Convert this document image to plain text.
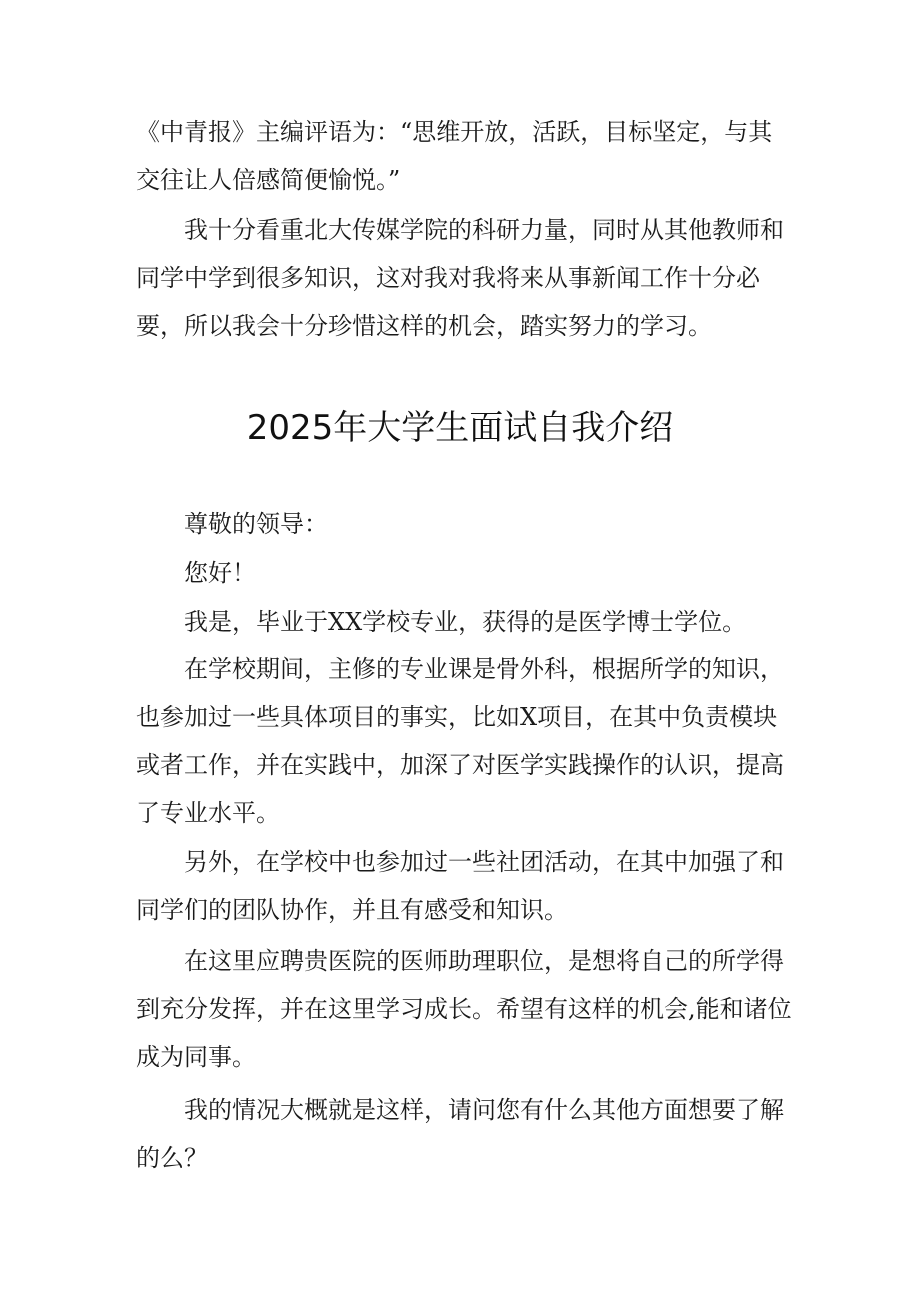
《中青报》主编评语为：“思维开放，活跃，目标坚定，与其交往让人倍感简便愉悦。”

我十分看重北大传媒学院的科研力量，同时从其他教师和同学中学到很多知识，这对我对我将来从事新闻工作十分必要，所以我会十分珍惜这样的机会，踏实努力的学习。

2025年大学生面试自我介绍

尊敬的领导：

您好！

我是，毕业于XX学校专业，获得的是医学博士学位。

在学校期间，主修的专业课是骨外科，根据所学的知识，也参加过一些具体项目的事实，比如X项目，在其中负责模块或者工作，并在实践中，加深了对医学实践操作的认识，提高了专业水平。

另外，在学校中也参加过一些社团活动，在其中加强了和同学们的团队协作，并且有感受和知识。

在这里应聘贵医院的医师助理职位，是想将自己的所学得到充分发挥，并在这里学习成长。希望有这样的机会,能和诸位成为同事。

我的情况大概就是这样，请问您有什么其他方面想要了解的么？
